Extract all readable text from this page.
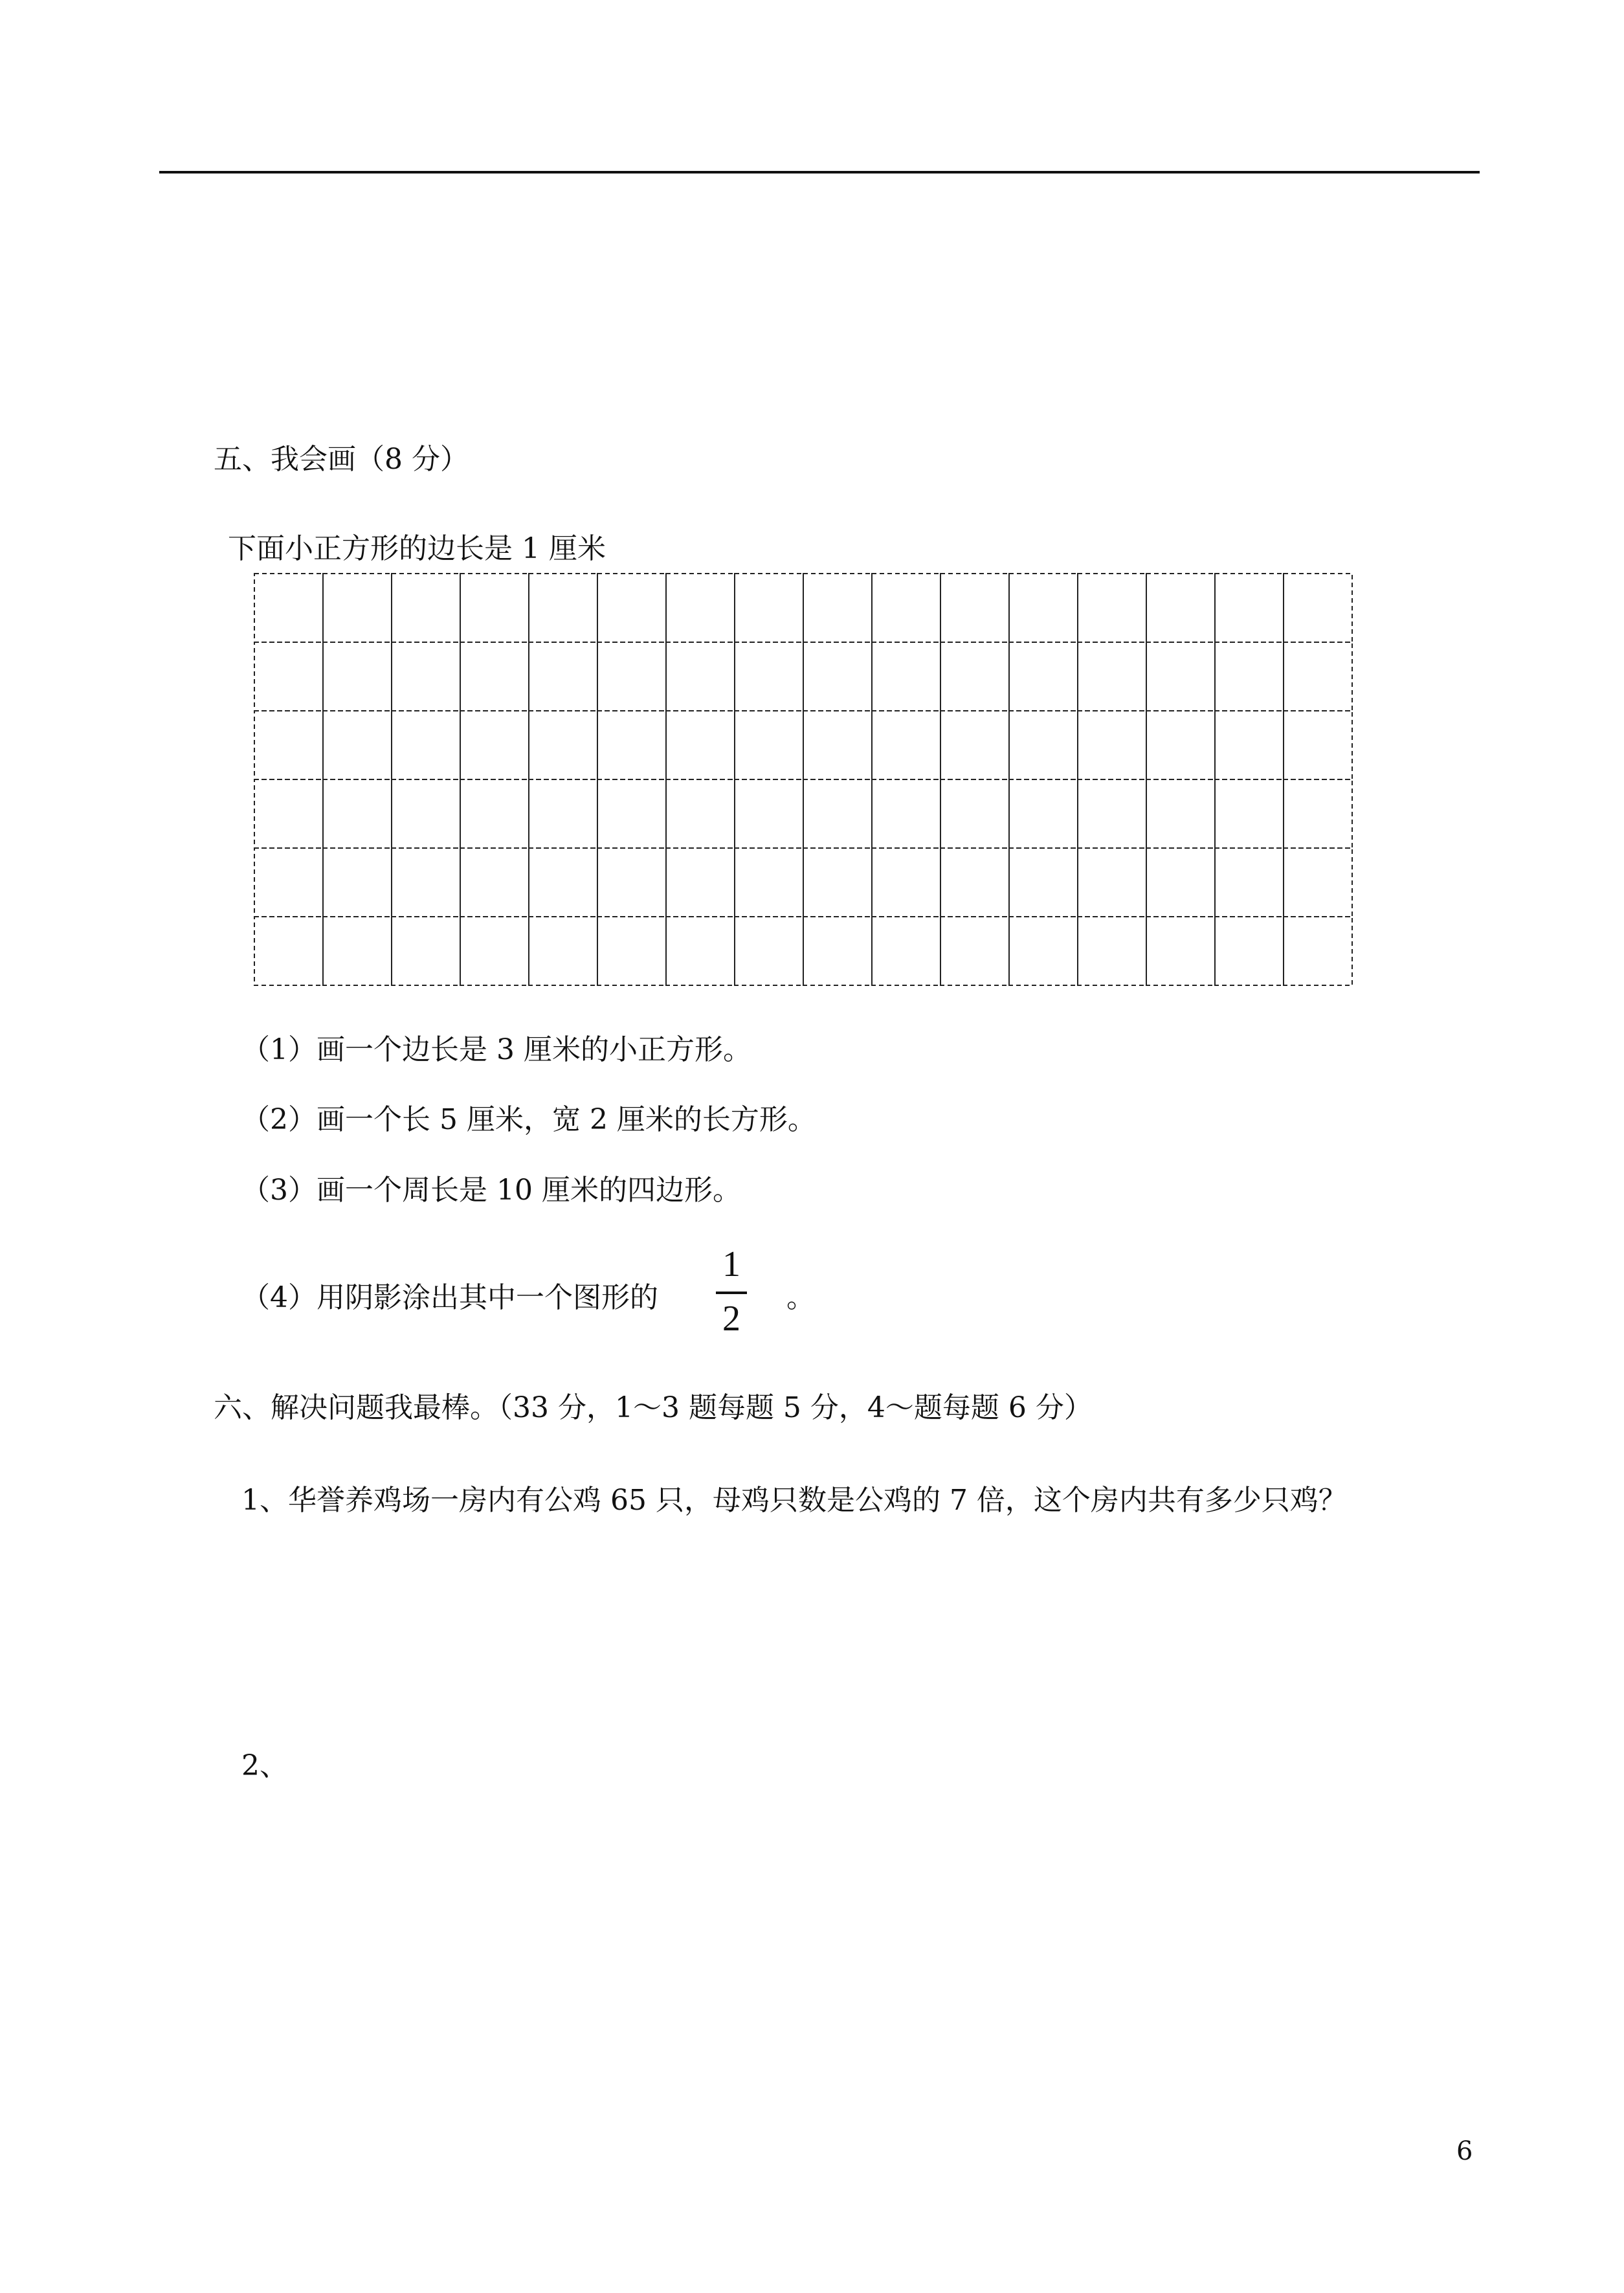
五、我会画（8 分）
下面小正方形的边长是 1 厘米
（1）画一个边长是 3 厘米的小正方形。
（2）画一个长 5 厘米，宽 2 厘米的长方形。
（3）画一个周长是 10 厘米的四边形。
（4）用阴影涂出其中一个图形的
1
2
。
六、解决问题我最棒。（33 分，1～3 题每题 5 分，4～题每题 6 分）
1、华誉养鸡场一房内有公鸡 65 只，母鸡只数是公鸡的 7 倍，这个房内共有多少只鸡？
2、
6
